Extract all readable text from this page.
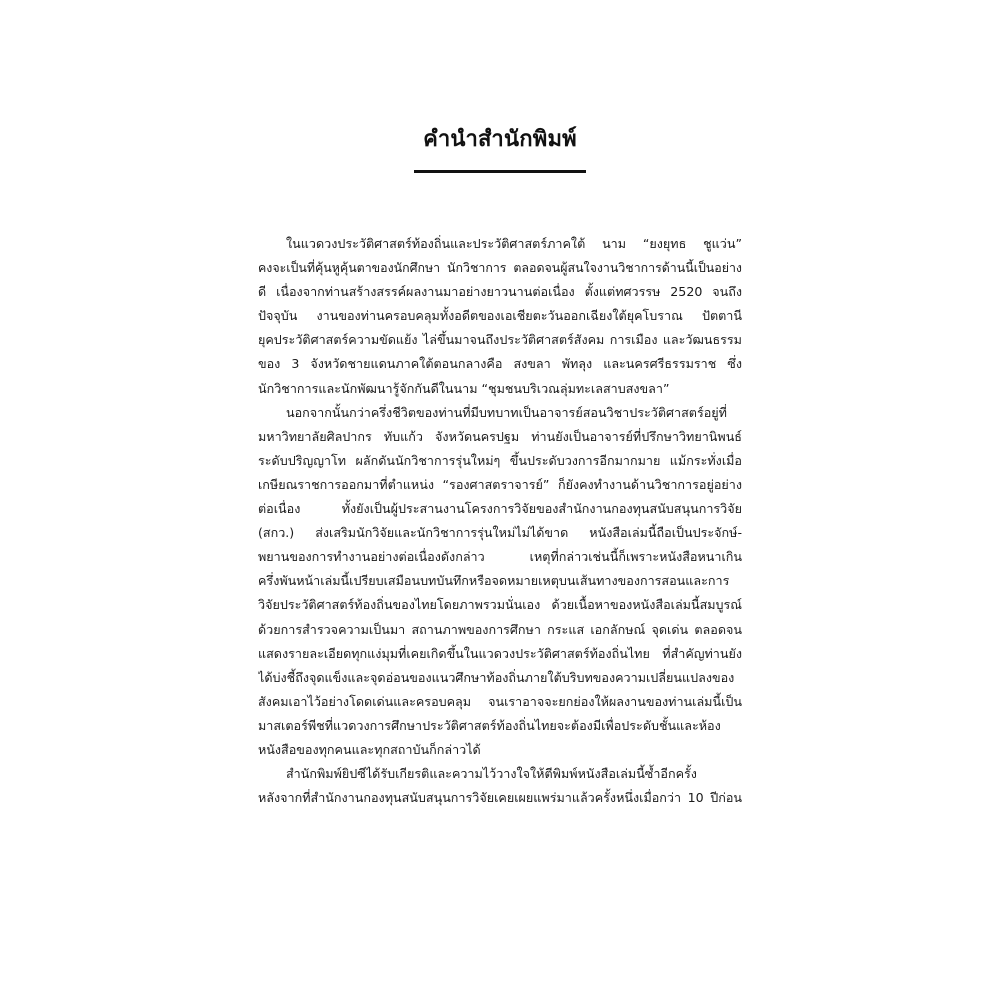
คำนำสำนักพิมพ์
ในแวดวงประวัติศาสตร์ท้องถิ่นและประวัติศาสตร์ภาคใต้ นาม “ยงยุทธ ชูแว่น”
คงจะเป็นที่คุ้นหูคุ้นตาของนักศึกษา นักวิชาการ ตลอดจนผู้สนใจงานวิชาการด้านนี้เป็นอย่าง
ดี เนื่องจากท่านสร้างสรรค์ผลงานมาอย่างยาวนานต่อเนื่อง ตั้งแต่ทศวรรษ 2520 จนถึง
ปัจจุบัน งานของท่านครอบคลุมทั้งอดีตของเอเชียตะวันออกเฉียงใต้ยุคโบราณ ปัตตานี
ยุคประวัติศาสตร์ความขัดแย้ง ไล่ขึ้นมาจนถึงประวัติศาสตร์สังคม การเมือง และวัฒนธรรม
ของ 3 จังหวัดชายแดนภาคใต้ตอนกลางคือ สงขลา พัทลุง และนครศรีธรรมราช ซึ่ง
นักวิชาการและนักพัฒนารู้จักกันดีในนาม “ชุมชนบริเวณลุ่มทะเลสาบสงขลา”
นอกจากนั้นกว่าครึ่งชีวิตของท่านที่มีบทบาทเป็นอาจารย์สอนวิชาประวัติศาสตร์อยู่ที่
มหาวิทยาลัยศิลปากร ทับแก้ว จังหวัดนครปฐม ท่านยังเป็นอาจารย์ที่ปรึกษาวิทยานิพนธ์
ระดับปริญญาโท ผลักดันนักวิชาการรุ่นใหม่ๆ ขึ้นประดับวงการอีกมากมาย แม้กระทั่งเมื่อ
เกษียณราชการออกมาที่ตำแหน่ง “รองศาสตราจารย์” ก็ยังคงทำงานด้านวิชาการอยู่อย่าง
ต่อเนื่อง ทั้งยังเป็นผู้ประสานงานโครงการวิจัยของสำนักงานกองทุนสนับสนุนการวิจัย
(สกว.) ส่งเสริมนักวิจัยและนักวิชาการรุ่นใหม่ไม่ได้ขาด หนังสือเล่มนี้ถือเป็นประจักษ์-
พยานของการทำงานอย่างต่อเนื่องดังกล่าว เหตุที่กล่าวเช่นนี้ก็เพราะหนังสือหนาเกิน
ครึ่งพันหน้าเล่มนี้เปรียบเสมือนบทบันทึกหรือจดหมายเหตุบนเส้นทางของการสอนและการ
วิจัยประวัติศาสตร์ท้องถิ่นของไทยโดยภาพรวมนั่นเอง ด้วยเนื้อหาของหนังสือเล่มนี้สมบูรณ์
ด้วยการสำรวจความเป็นมา สถานภาพของการศึกษา กระแส เอกลักษณ์ จุดเด่น ตลอดจน
แสดงรายละเอียดทุกแง่มุมที่เคยเกิดขึ้นในแวดวงประวัติศาสตร์ท้องถิ่นไทย ที่สำคัญท่านยัง
ได้บ่งชี้ถึงจุดแข็งและจุดอ่อนของแนวศึกษาท้องถิ่นภายใต้บริบทของความเปลี่ยนแปลงของ
สังคมเอาไว้อย่างโดดเด่นและครอบคลุม จนเราอาจจะยกย่องให้ผลงานของท่านเล่มนี้เป็น
มาสเตอร์พีชที่แวดวงการศึกษาประวัติศาสตร์ท้องถิ่นไทยจะต้องมีเพื่อประดับชั้นและห้อง
หนังสือของทุกคนและทุกสถาบันก็กล่าวได้
สำนักพิมพ์ยิปซีได้รับเกียรติและความไว้วางใจให้ตีพิมพ์หนังสือเล่มนี้ซ้ำอีกครั้ง
หลังจากที่สำนักงานกองทุนสนับสนุนการวิจัยเคยเผยแพร่มาแล้วครั้งหนึ่งเมื่อกว่า 10 ปีก่อน
